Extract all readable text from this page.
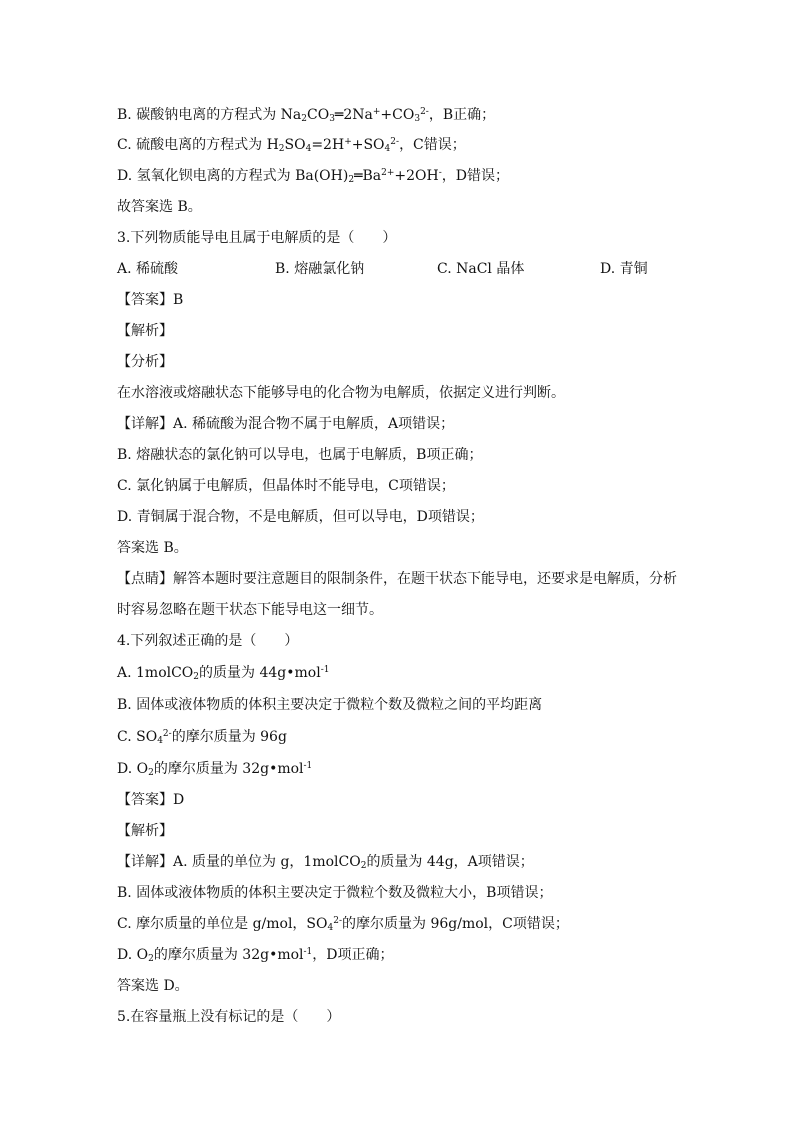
B. 碳酸钠电离的方程式为 $Na_2CO_3═2Na^++CO_3^{2-}$，B正确；
C. 硫酸电离的方程式为 $H_2SO_4=2H^++SO_4^{2-}$，C错误；
D. 氢氧化钡电离的方程式为 $Ba(OH)_2═Ba^{2+}+2OH^-$，D错误；
故答案选 B。
3.下列物质能导电且属于电解质的是（　　）
A. 稀硫酸	B. 熔融氯化钠	C. NaCl 晶体	D. 青铜
【答案】B
【解析】
【分析】
在水溶液或熔融状态下能够导电的化合物为电解质，依据定义进行判断。
【详解】A. 稀硫酸为混合物不属于电解质，A项错误；
B. 熔融状态的氯化钠可以导电，也属于电解质，B项正确；
C. 氯化钠属于电解质，但晶体时不能导电，C项错误；
D. 青铜属于混合物，不是电解质，但可以导电，D项错误；
答案选 B。
【点睛】解答本题时要注意题目的限制条件，在题干状态下能导电，还要求是电解质，分析
时容易忽略在题干状态下能导电这一细节。
4.下列叙述正确的是（　　）
A. 1molCO$_2$的质量为 44g•mol$^{-1}$
B. 固体或液体物质的体积主要决定于微粒个数及微粒之间的平均距离
C. $SO_4^{2-}$的摩尔质量为 96g
D. $O_2$的摩尔质量为 32g•mol$^{-1}$
【答案】D
【解析】
【详解】A. 质量的单位为 g，1molCO$_2$的质量为 44g，A项错误；
B. 固体或液体物质的体积主要决定于微粒个数及微粒大小，B项错误；
C. 摩尔质量的单位是 g/mol，$SO_4^{2-}$的摩尔质量为 96g/mol，C项错误；
D. $O_2$的摩尔质量为 32g•mol$^{-1}$，D项正确；
答案选 D。
5.在容量瓶上没有标记的是（　　）
